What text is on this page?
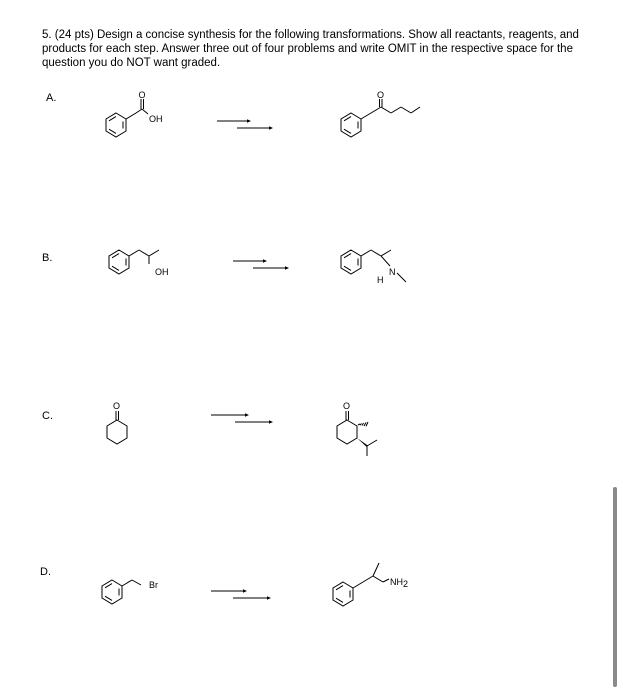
5. (24 pts) Design a concise synthesis for the following transformations. Show all reactants, reagents, and products for each step. Answer three out of four problems and write OMIT in the respective space for the question you do NOT want graded.
A.	O
OH
O
B.
OH	N
H
C.
O	O
D.
Br	NH2
